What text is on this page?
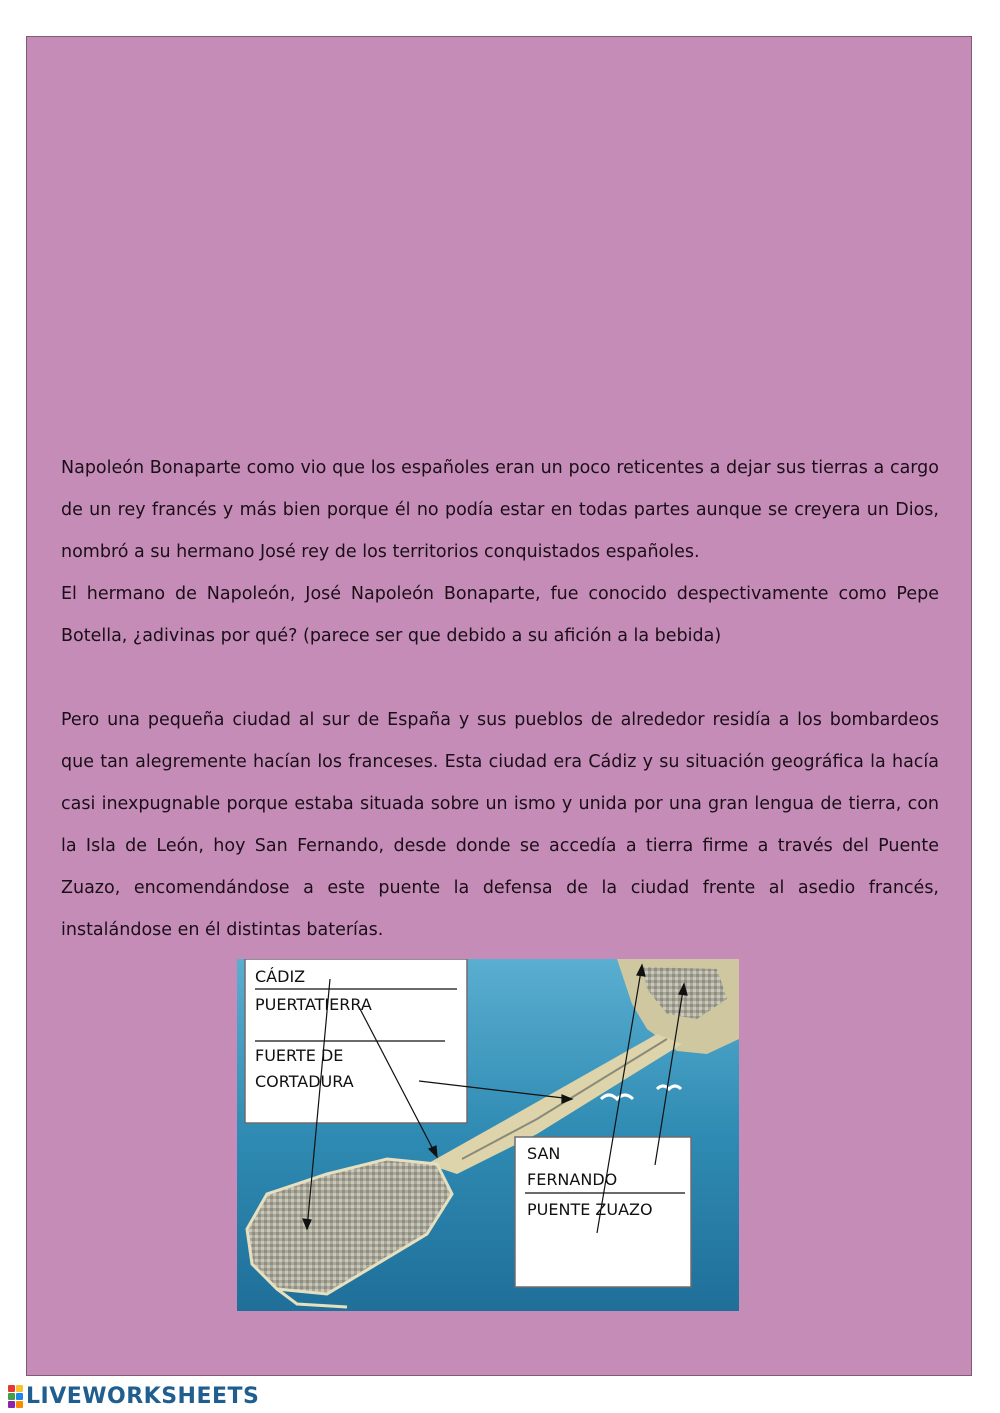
Napoleón Bonaparte como vio que los españoles eran un poco reticentes a dejar sus tierras a cargo de un rey francés y más bien porque él no podía estar en todas partes aunque se creyera un Dios, nombró a su hermano José rey de los territorios conquistados españoles.

El hermano de Napoleón, José Napoleón Bonaparte, fue conocido despectivamente como Pepe Botella, ¿adivinas por qué? (parece ser que debido a su afición a la bebida)

Pero una pequeña ciudad al sur de España y sus pueblos de alrededor residía a los bombardeos que tan alegremente hacían los franceses. Esta ciudad era Cádiz y su situación geográfica la hacía casi inexpugnable porque estaba situada sobre un ismo y unida por una gran lengua de tierra, con la Isla de León, hoy San Fernando, desde donde se accedía a tierra firme a través del Puente Zuazo, encomendándose a este puente la defensa de la ciudad frente al asedio francés, instalándose en él distintas baterías.

CÁDIZ
PUERTATIERRA
FUERTE DE
CORTADURA
SAN
FERNANDO
PUENTE ZUAZO
LIVEWORKSHEETS
